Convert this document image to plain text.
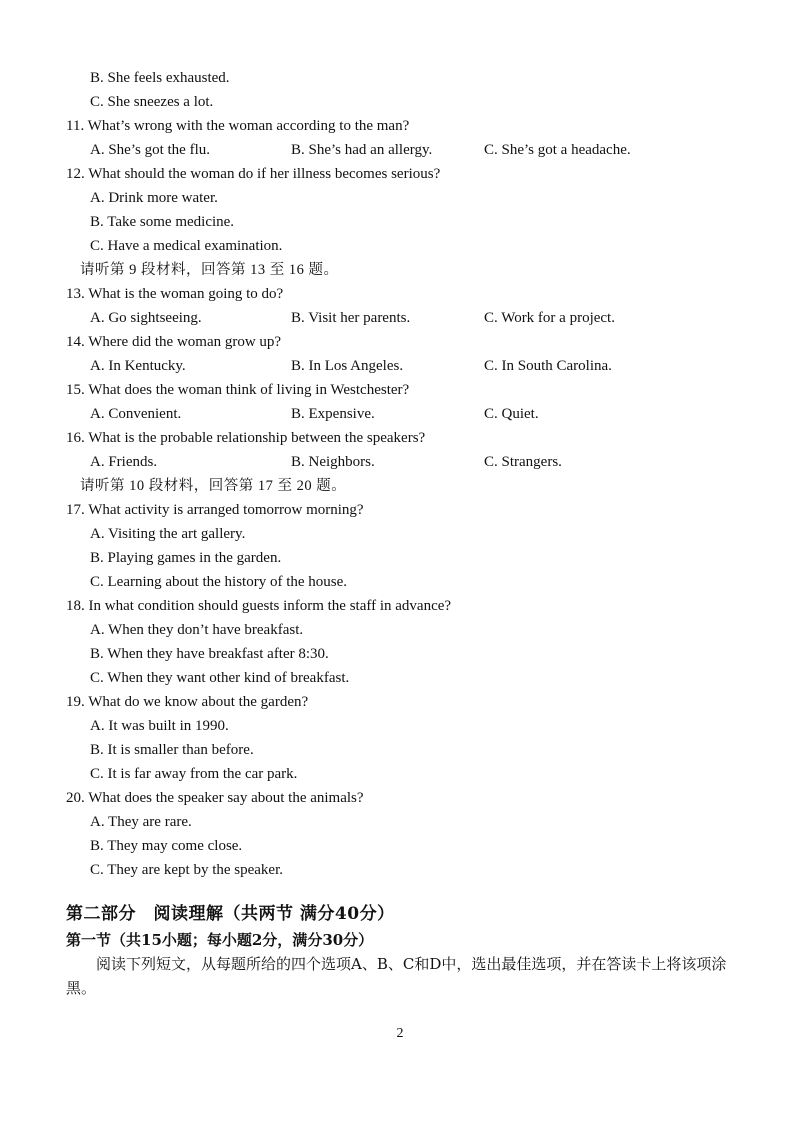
B. She feels exhausted.
C. She sneezes a lot.
11. What’s wrong with the woman according to the man?
A. She’s got the flu.	B. She’s had an allergy.	C. She’s got a headache.
12. What should the woman do if her illness becomes serious?
A. Drink more water.
B. Take some medicine.
C. Have a medical examination.
请听第 9 段材料，回答第 13 至 16 题。
13. What is the woman going to do?
A. Go sightseeing.	B. Visit her parents.	C. Work for a project.
14. Where did the woman grow up?
A. In Kentucky.	B. In Los Angeles.	C. In South Carolina.
15. What does the woman think of living in Westchester?
A. Convenient.	B. Expensive.	C. Quiet.
16. What is the probable relationship between the speakers?
A. Friends.	B. Neighbors.	C. Strangers.
请听第 10 段材料，回答第 17 至 20 题。
17. What activity is arranged tomorrow morning?
A. Visiting the art gallery.
B. Playing games in the garden.
C. Learning about the history of the house.
18. In what condition should guests inform the staff in advance?
A. When they don’t have breakfast.
B. When they have breakfast after 8:30.
C. When they want other kind of breakfast.
19. What do we know about the garden?
A. It was built in 1990.
B. It is smaller than before.
C. It is far away from the car park.
20. What does the speaker say about the animals?
A. They are rare.
B. They may come close.
C. They are kept by the speaker.
第二部分　阅读理解（共两节 满分40分）
第一节（共15小题；每小题2分，满分30分）
阅读下列短文，从每题所给的四个选项A、B、C和D中，选出最佳选项，并在答读卡上将该项涂黑。
2
